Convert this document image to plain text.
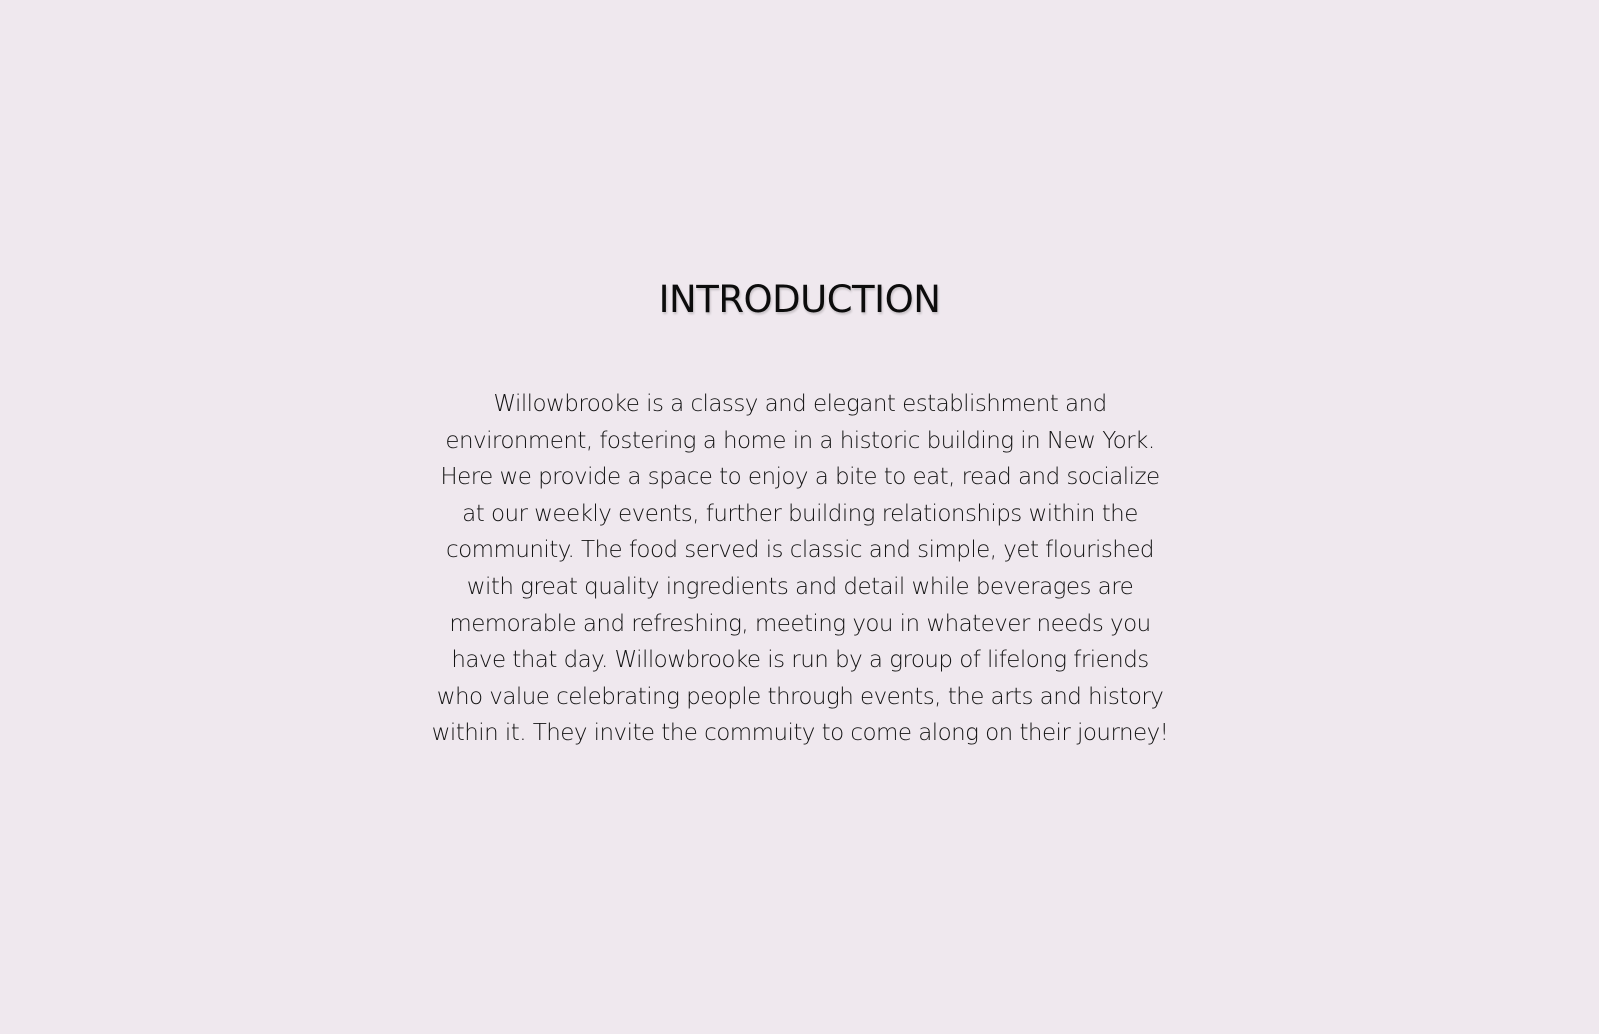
INTRODUCTION

Willowbrooke is a classy and elegant establishment and
environment, fostering a home in a historic building in New York.
Here we provide a space to enjoy a bite to eat, read and socialize
at our weekly events, further building relationships within the
community. The food served is classic and simple, yet flourished
with great quality ingredients and detail while beverages are
memorable and refreshing, meeting you in whatever needs you
have that day. Willowbrooke is run by a group of lifelong friends
who value celebrating people through events, the arts and history
within it. They invite the commuity to come along on their journey!
